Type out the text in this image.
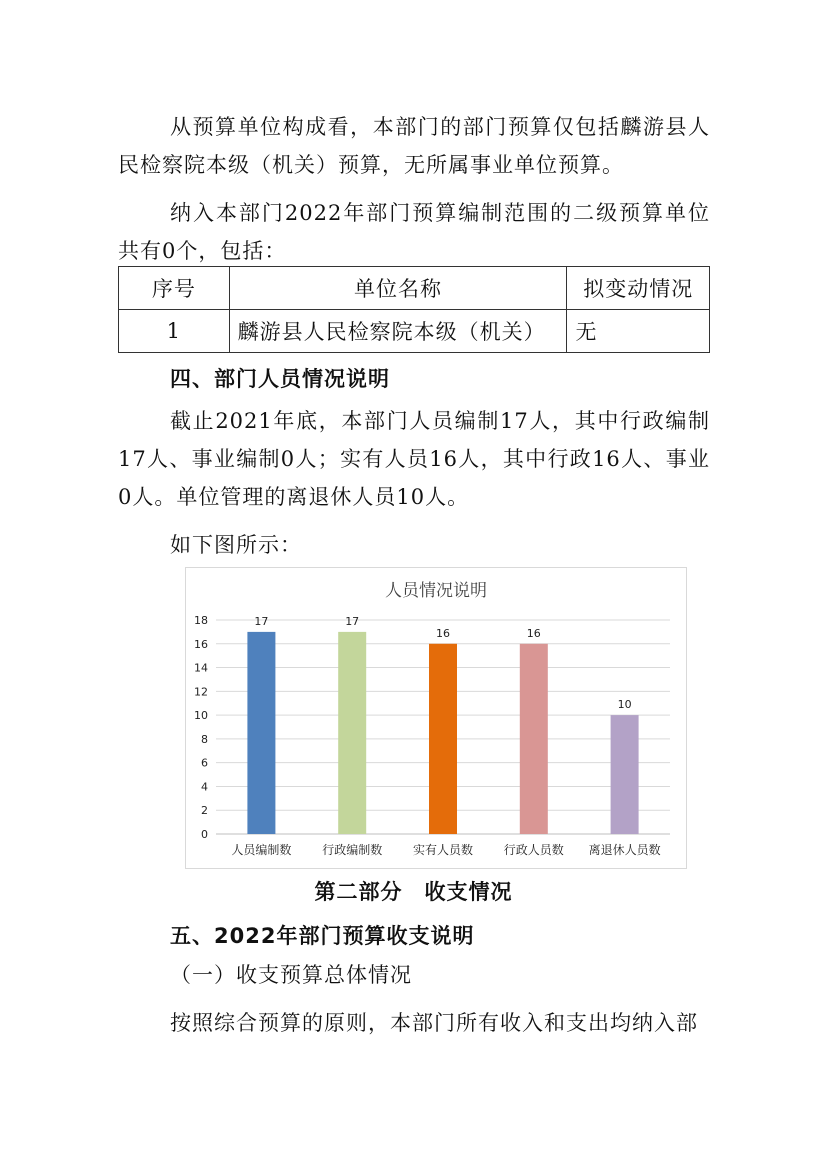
从预算单位构成看，本部门的部门预算仅包括麟游县人民检察院本级（机关）预算，无所属事业单位预算。

纳入本部门2022年部门预算编制范围的二级预算单位共有0个，包括：

序号	单位名称	拟变动情况
1	麟游县人民检察院本级（机关）	无
四、部门人员情况说明

截止2021年底，本部门人员编制17人，其中行政编制17人、事业编制0人；实有人员16人，其中行政16人、事业0人。单位管理的离退休人员10人。

如下图所示：

人员情况说明
0
2
4
6
8
10
12
14
16
18	17
人员编制数
17
行政编制数
16
实有人员数
16
行政人员数
10
离退休人员数
第二部分　收支情况
五、2022年部门预算收支说明

（一）收支预算总体情况

按照综合预算的原则，本部门所有收入和支出均纳入部
